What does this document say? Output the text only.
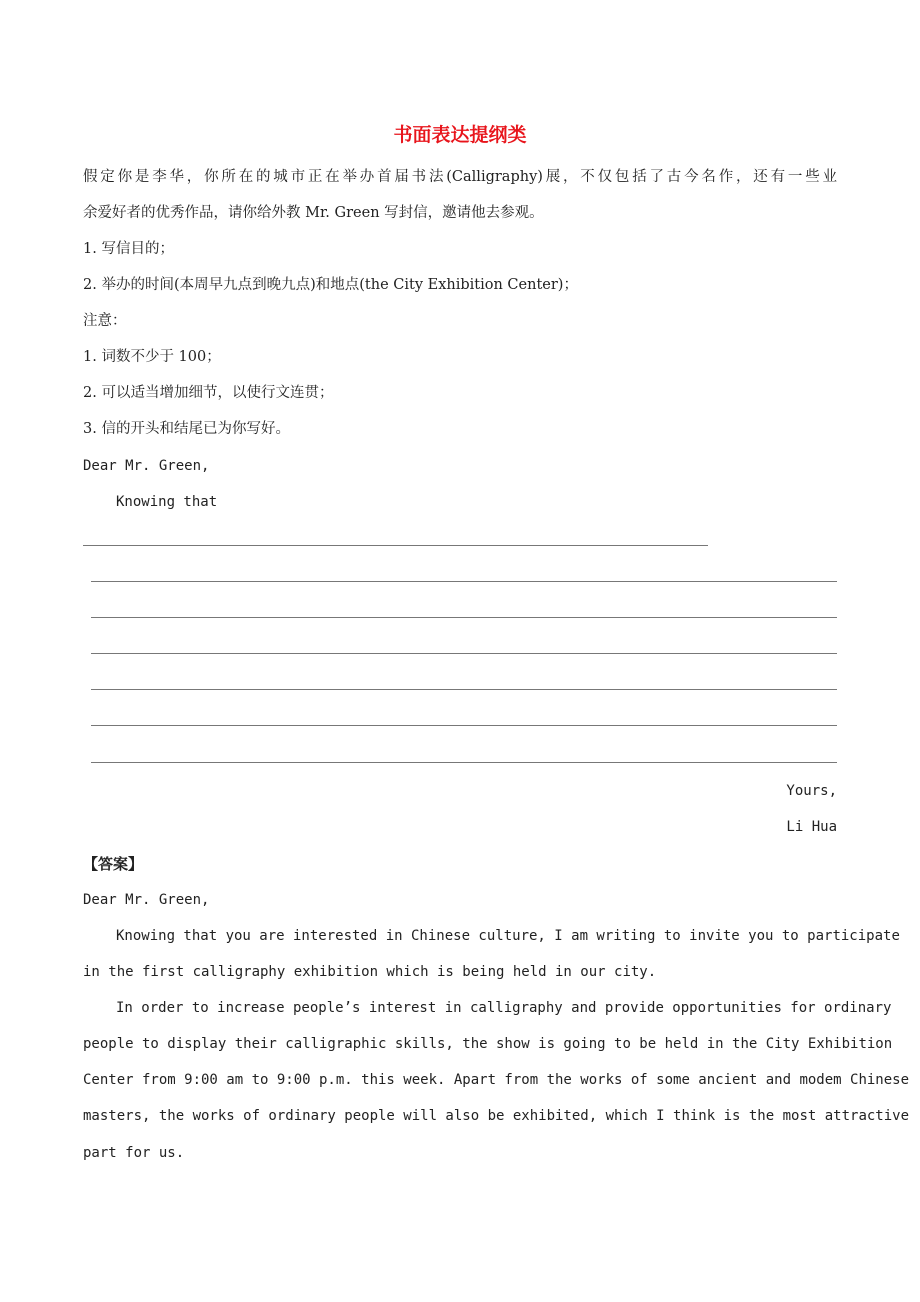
书面表达提纲类
假定你是李华，你所在的城市正在举办首届书法(Calligraphy)展，不仅包括了古今名作，还有一些业
余爱好者的优秀作品，请你给外教 Mr. Green 写封信，邀请他去参观。
1. 写信目的；
2. 举办的时间(本周早九点到晚九点)和地点(the City Exhibition Center)；
注意：
1. 词数不少于 100；
2. 可以适当增加细节，以使行文连贯；
3. 信的开头和结尾已为你写好。
Dear Mr. Green,
Knowing that
Yours,
Li Hua
【答案】
Dear Mr. Green,
Knowing that you are interested in Chinese culture, I am writing to invite you to participate
in the first calligraphy exhibition which is being held in our city.
In order to increase people’s interest in calligraphy and provide opportunities for ordinary
people to display their calligraphic skills, the show is going to be held in the City Exhibition
Center from 9:00 am to 9:00 p.m. this week. Apart from the works of some ancient and modem Chinese
masters, the works of ordinary people will also be exhibited, which I think is the most attractive
part for us.
